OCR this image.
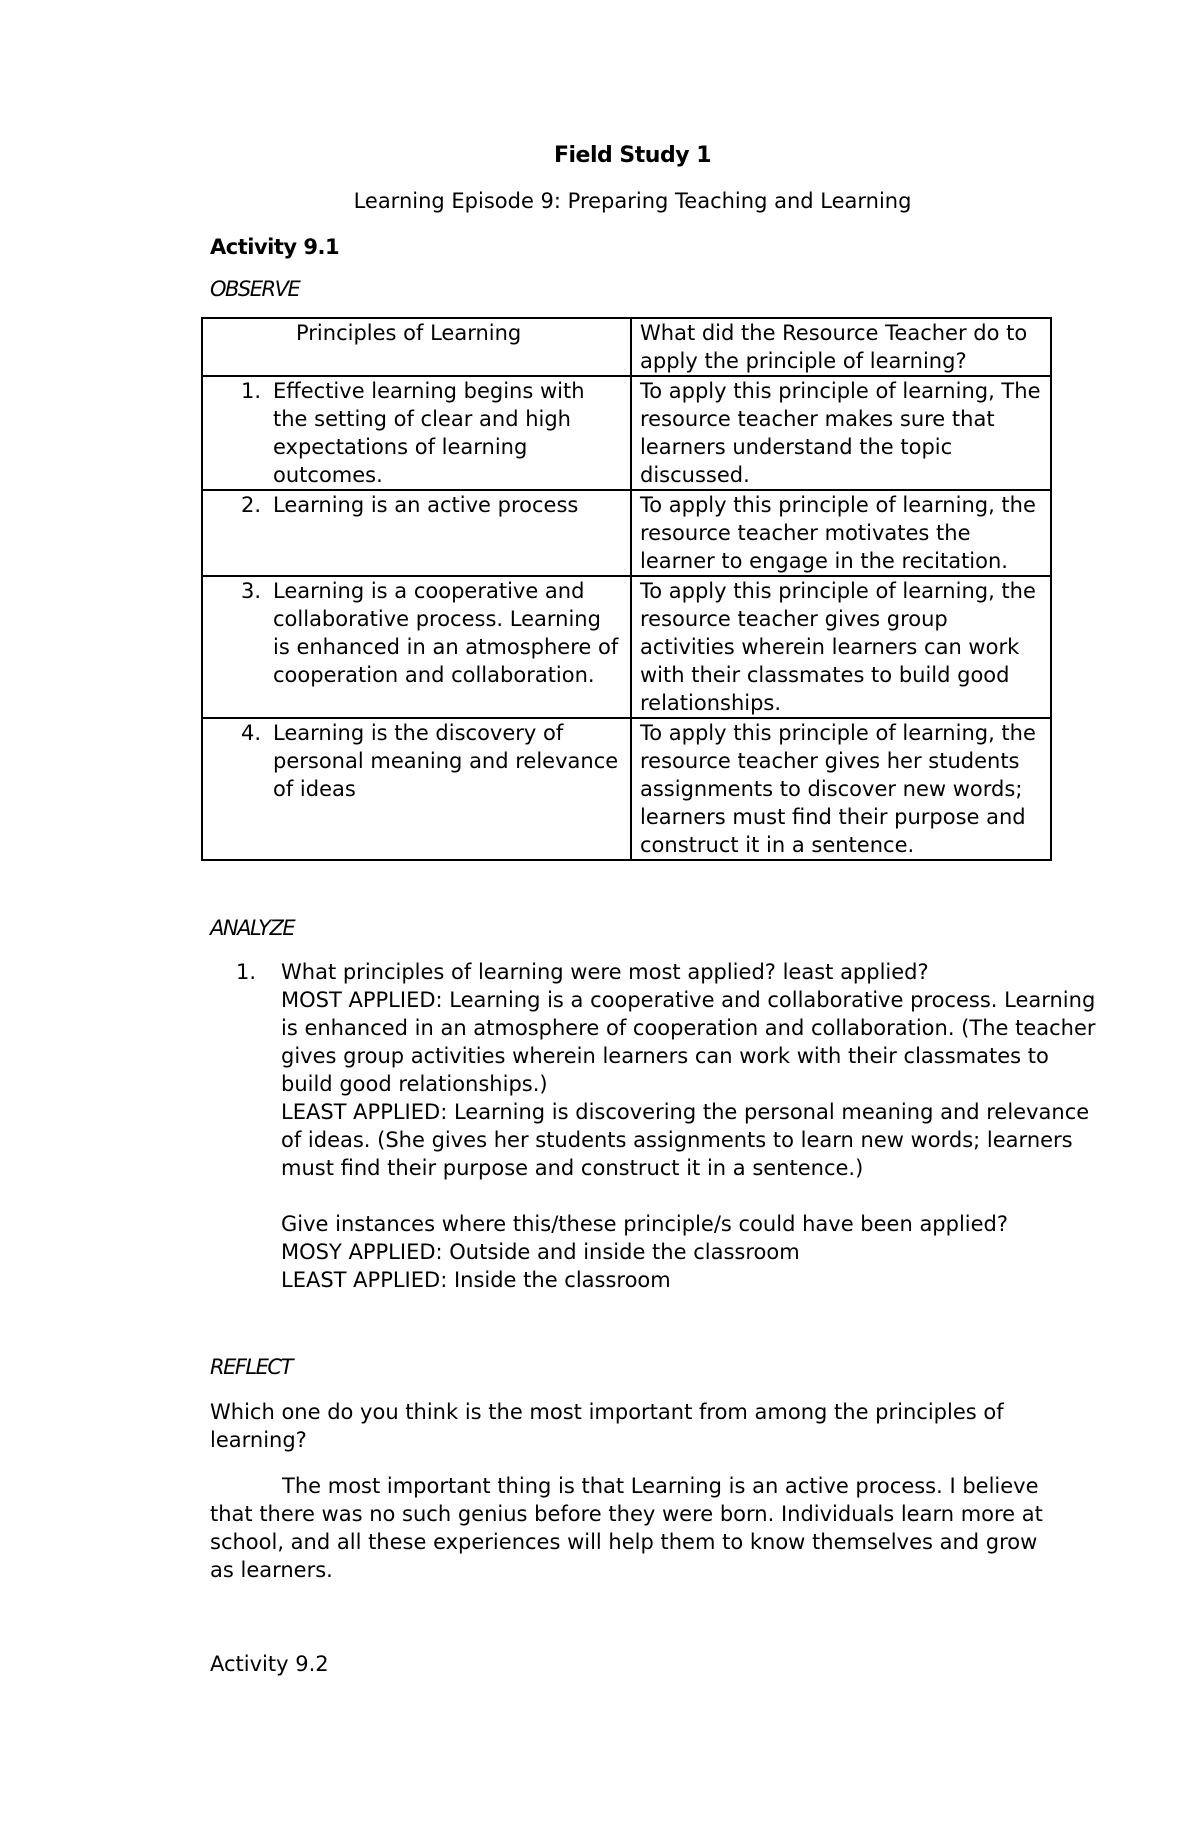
Field Study 1

Learning Episode 9: Preparing Teaching and Learning

Activity 9.1

OBSERVE

Principles of Learning	What did the Resource Teacher do to apply the principle of learning?

1. Effective learning begins with the setting of clear and high expectations of learning outcomes.	To apply this principle of learning, The resource teacher makes sure that learners understand the topic discussed.

2. Learning is an active process	To apply this principle of learning, the resource teacher motivates the learner to engage in the recitation.

3. Learning is a cooperative and collaborative process. Learning is enhanced in an atmosphere of cooperation and collaboration.	To apply this principle of learning, the resource teacher gives group activities wherein learners can work with their classmates to build good relationships.

4. Learning is the discovery of personal meaning and relevance of ideas	To apply this principle of learning, the resource teacher gives her students assignments to discover new words; learners must find their purpose and construct it in a sentence.

ANALYZE

1.	What principles of learning were most applied? least applied?

MOST APPLIED: Learning is a cooperative and collaborative process. Learning is enhanced in an atmosphere of cooperation and collaboration. (The teacher gives group activities wherein learners can work with their classmates to build good relationships.)

LEAST APPLIED: Learning is discovering the personal meaning and relevance of ideas. (She gives her students assignments to learn new words; learners must find their purpose and construct it in a sentence.)

Give instances where this/these principle/s could have been applied?

MOSY APPLIED: Outside and inside the classroom

LEAST APPLIED: Inside the classroom

REFLECT

Which one do you think is the most important from among the principles of learning?

The most important thing is that Learning is an active process. I believe that there was no such genius before they were born. Individuals learn more at school, and all these experiences will help them to know themselves and grow as learners.

Activity 9.2
